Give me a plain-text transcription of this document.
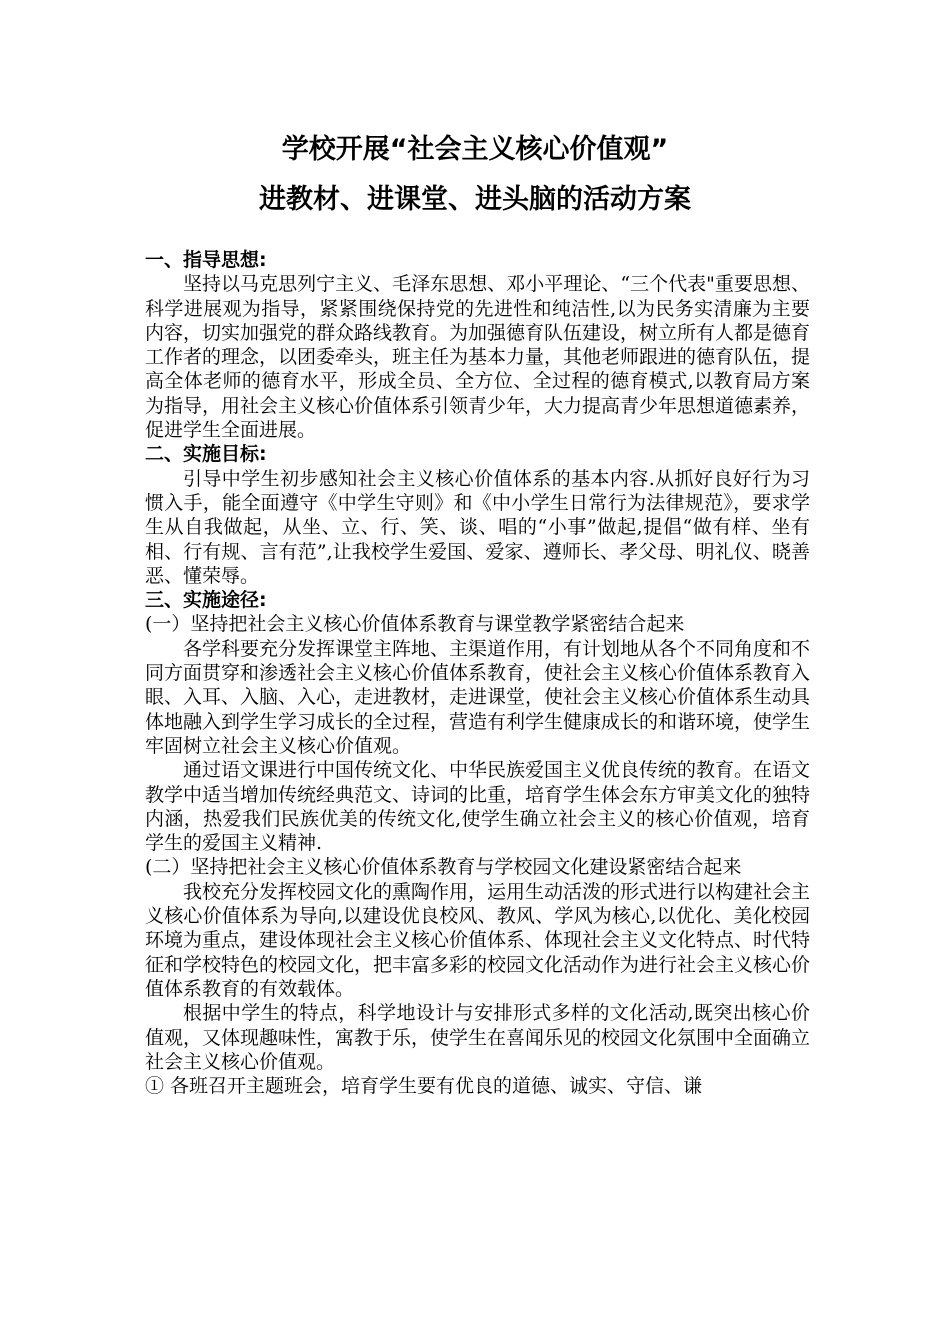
学校开展“社会主义核心价值观”
进教材、进课堂、进头脑的活动方案

一、指导思想:

坚持以马克思列宁主义、毛泽东思想、邓小平理论、“三个代表"重要思想、科学进展观为指导，紧紧围绕保持党的先进性和纯洁性,以为民务实清廉为主要内容，切实加强党的群众路线教育。为加强德育队伍建设，树立所有人都是德育工作者的理念，以团委牵头，班主任为基本力量，其他老师跟进的德育队伍，提高全体老师的德育水平，形成全员、全方位、全过程的德育模式,以教育局方案为指导，用社会主义核心价值体系引领青少年，大力提高青少年思想道德素养，促进学生全面进展。

二、实施目标:

引导中学生初步感知社会主义核心价值体系的基本内容.从抓好良好行为习惯入手，能全面遵守《中学生守则》和《中小学生日常行为法律规范》，要求学生从自我做起，从坐、立、行、笑、谈、唱的“小事”做起,提倡“做有样、坐有相、行有规、言有范”,让我校学生爱国、爱家、遵师长、孝父母、明礼仪、晓善恶、懂荣辱。

三、实施途径:

(一）坚持把社会主义核心价值体系教育与课堂教学紧密结合起来

各学科要充分发挥课堂主阵地、主渠道作用，有计划地从各个不同角度和不同方面贯穿和渗透社会主义核心价值体系教育，使社会主义核心价值体系教育入眼、入耳、入脑、入心，走进教材，走进课堂，使社会主义核心价值体系生动具体地融入到学生学习成长的全过程，营造有利学生健康成长的和谐环境，使学生牢固树立社会主义核心价值观。

通过语文课进行中国传统文化、中华民族爱国主义优良传统的教育。在语文教学中适当增加传统经典范文、诗词的比重，培育学生体会东方审美文化的独特内涵，热爱我们民族优美的传统文化,使学生确立社会主义的核心价值观，培育学生的爱国主义精神.

(二）坚持把社会主义核心价值体系教育与学校园文化建设紧密结合起来

我校充分发挥校园文化的熏陶作用，运用生动活泼的形式进行以构建社会主义核心价值体系为导向,以建设优良校风、教风、学风为核心,以优化、美化校园环境为重点，建设体现社会主义核心价值体系、体现社会主义文化特点、时代特征和学校特色的校园文化，把丰富多彩的校园文化活动作为进行社会主义核心价值体系教育的有效载体。

根据中学生的特点，科学地设计与安排形式多样的文化活动,既突出核心价值观，又体现趣味性，寓教于乐，使学生在喜闻乐见的校园文化氛围中全面确立社会主义核心价值观。

① 各班召开主题班会，培育学生要有优良的道德、诚实、守信、谦
